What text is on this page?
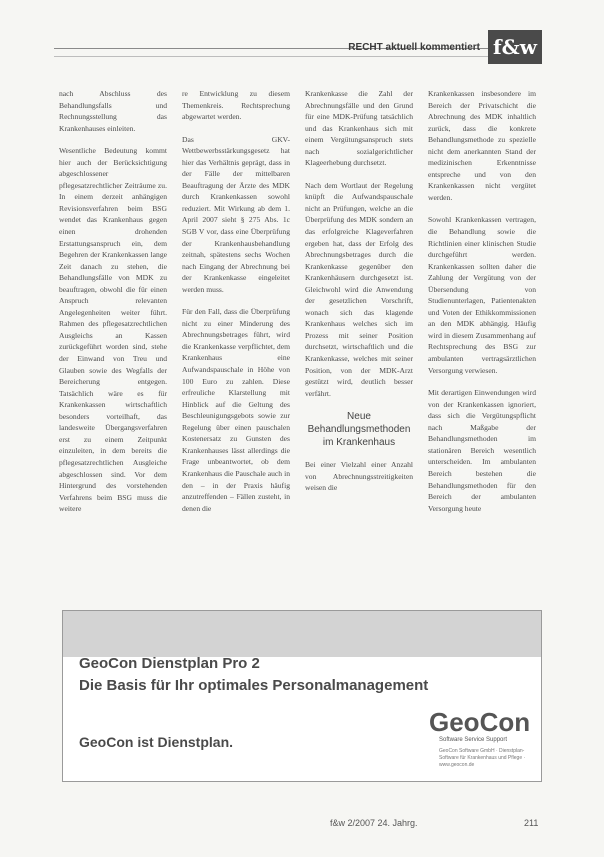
RECHT aktuell kommentiert f&w

nach Abschluss des Behandlungsfalls und Rechnungsstellung das Krankenhauses einleiten.

Wesentliche Bedeutung kommt hier auch der Berücksichtigung abgeschlossener pflegesatzrechtlicher Zeiträume zu. In einem derzeit anhängigen Revisionsverfahren beim BSG wendet das Krankenhaus gegen einen drohenden Erstattungsanspruch ein, dem Begehren der Krankenkassen lange Zeit danach zu stehen, die Behandlungsfälle von MDK zu beauftragen, obwohl die für einen Anspruch relevanten Angelegenheiten weiter führt. Rahmen des pflegesatzrechtlichen Ausgleichs an Kassen zurückgeführt worden sind, stehe der Einwand von Treu und Glauben sowie des Wegfalls der Bereicherung entgegen. Tatsächlich wäre es für Krankenkassen wirtschaftlich besonders vorteilhaft, das landesweite Übergangsverfahren erst zu einem Zeitpunkt einzuleiten, in dem bereits die pflegesatzrechtlichen Ausgleiche abgeschlossen sind. Vor dem Hintergrund des vorstehenden Verfahrens beim BSG muss die weitere

re Entwicklung zu diesem Themenkreis. Rechtsprechung abgewartet werden.

Das GKV-Wettbewerbsstärkungsgesetz hat hier das Verhältnis geprägt, dass in der Fälle der mittelbaren Beauftragung der Ärzte des MDK durch Krankenkassen sowohl reduziert. Mit Wirkung ab dem 1. April 2007 sieht § 275 Abs. 1c SGB V vor, dass eine Überprüfung der Krankenhausbehandlung zeitnah, spätestens sechs Wochen nach Eingang der Abrechnung bei der Krankenkasse eingeleitet werden muss.

Für den Fall, dass die Überprüfung nicht zu einer Minderung des Abrechnungsbetrages führt, wird die Krankenkasse verpflichtet, dem Krankenhaus eine Aufwandspauschale in Höhe von 100 Euro zu zahlen. Diese erfreuliche Klarstellung mit Hinblick auf die Geltung des Beschleunigungsgebots sowie zur Regelung über einen pauschalen Kostenersatz zu Gunsten des Krankenhauses lässt allerdings die Frage unbeantwortet, ob dem Krankenhaus die Pauschale auch in den – in der Praxis häufig anzutreffenden – Fällen zusteht, in denen die

Krankenkasse die Zahl der Abrechnungsfälle und den Grund für eine MDK-Prüfung tatsächlich und das Krankenhaus sich mit einem Vergütungsanspruch stets nach sozialgerichtlicher Klageerhebung durchsetzt.

Nach dem Wortlaut der Regelung knüpft die Aufwandspauschale nicht an Prüfungen, welche an die Überprüfung des MDK sondern an das erfolgreiche Klageverfahren ergeben hat, dass der Erfolg des Abrechnungsbetrages durch die Krankenkasse gegenüber den Krankenhäusern durchgesetzt ist. Gleichwohl wird die Anwendung der gesetzlichen Vorschrift, wonach sich das klagende Krankenhaus welches sich im Prozess mit seiner Position durchsetzt, wirtschaftlich und die Krankenkasse, welches mit seiner Position, von der MDK-Arzt gestützt wird, deutlich besser verfährt.

Neue Behandlungsmethoden im Krankenhaus

Bei einer Vielzahl einer Anzahl von Abrechnungsstreitigkeiten weisen die

Krankenkassen insbesondere im Bereich der Privatschicht die Abrechnung des MDK inhaltlich zurück, dass die konkrete Behandlungsmethode zu spezielle nicht dem anerkannten Stand der medizinischen Erkenntnisse entspreche und von den Krankenkassen nicht vergütet werden.

Sowohl Krankenkassen vertragen, die Behandlung sowie die Richtlinien einer klinischen Studie durchgeführt werden. Krankenkassen sollten daher die Zahlung der Vergütung von der Übersendung von Studienunterlagen, Patientenakten und Voten der Ethikkommissionen an den MDK abhängig. Häufig wird in diesem Zusammenhang auf Rechtsprechung des BSG zur ambulanten vertragsärztlichen Versorgung verwiesen.

Mit derartigen Einwendungen wird von der Krankenkassen ignoriert, dass sich die Vergütungspflicht nach Maßgabe der Behandlungsmethoden im stationären Bereich wesentlich unterscheiden. Im ambulanten Bereich bestehen die Behandlungsmethoden für den Bereich der ambulanten Versorgung heute

GeoCon Dienstplan Pro 2
Die Basis für Ihr optimales Personalmanagement
GeoCon ist Dienstplan.
GeoCon
Software Service Support
GeoCon Software GmbH · Dienstplan-Software für Krankenhaus und Pflege · www.geocon.de
f&w 2/2007 24. Jahrg.	211
